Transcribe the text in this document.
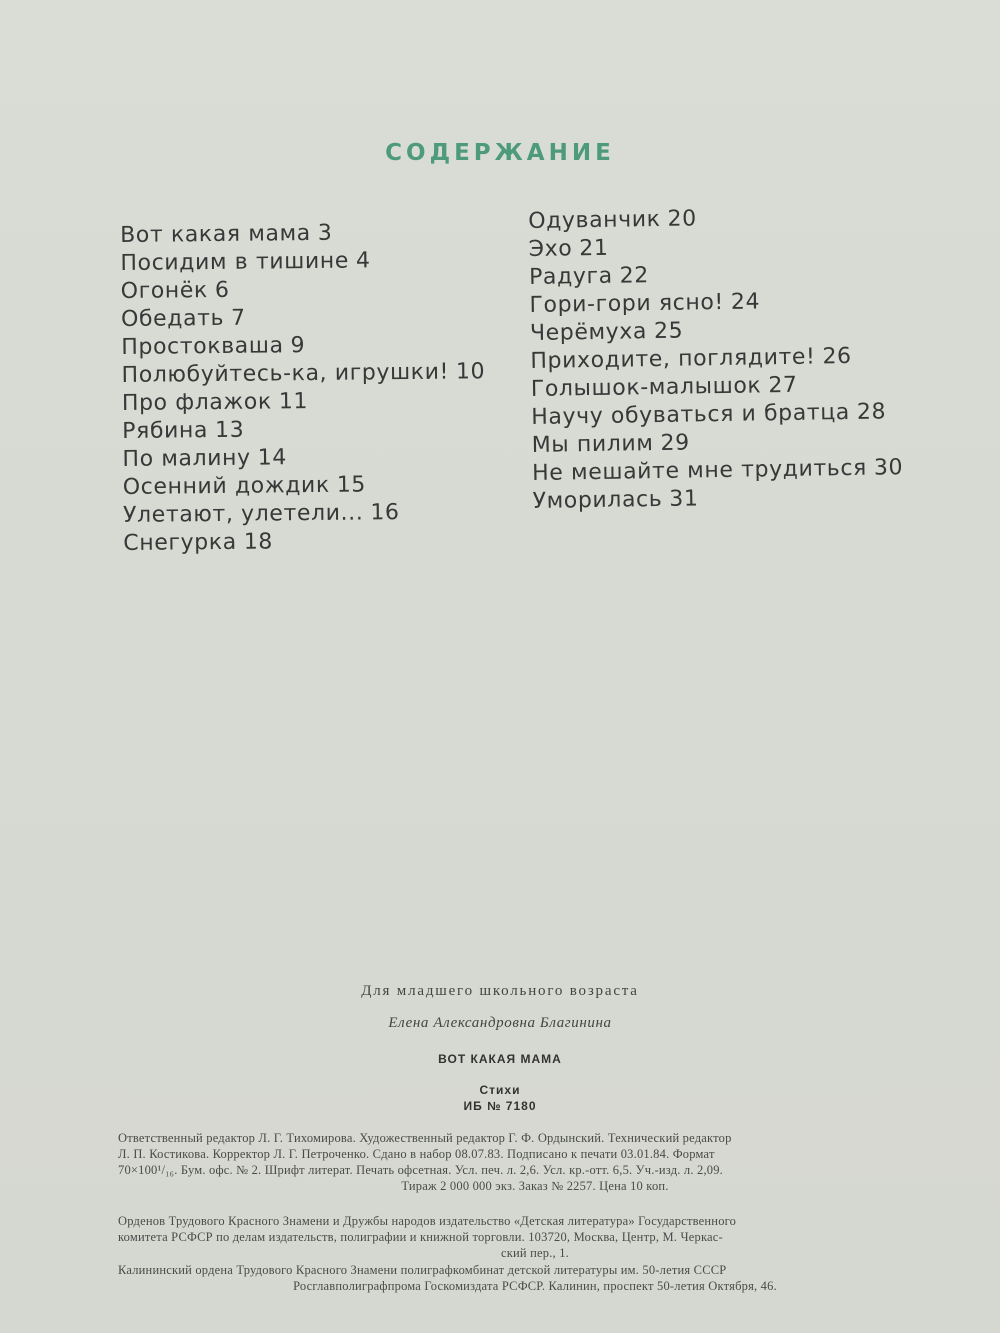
СОДЕРЖАНИЕ
Вот какая мама 3
Посидим в тишине 4
Огонёк 6
Обедать 7
Простокваша 9
Полюбуйтесь-ка, игрушки! 10
Про флажок 11
Рябина 13
По малину 14
Осенний дождик 15
Улетают, улетели... 16
Снегурка 18
Одуванчик 20
Эхо 21
Радуга 22
Гори-гори ясно! 24
Черёмуха 25
Приходите, поглядите! 26
Голышок-малышок 27
Научу обуваться и братца 28
Мы пилим 29
Не мешайте мне трудиться 30
Уморилась 31
Для младшего школьного возраста
Елена Александровна Благинина
ВОТ КАКАЯ МАМА
Стихи
ИБ № 7180

Ответственный редактор Л. Г. Тихомирова. Художественный редактор Г. Ф. Ордынский. Технический редактор

Л. П. Костикова. Корректор Л. Г. Петроченко. Сдано в набор 08.07.83. Подписано к печати 03.01.84. Формат

70×100¹/₁₆. Бум. офс. № 2. Шрифт литерат. Печать офсетная. Усл. печ. л. 2,6. Усл. кр.-отт. 6,5. Уч.-изд. л. 2,09.

Тираж 2 000 000 экз. Заказ № 2257. Цена 10 коп.

Орденов Трудового Красного Знамени и Дружбы народов издательство «Детская литература» Государственного

комитета РСФСР по делам издательств, полиграфии и книжной торговли. 103720, Москва, Центр, М. Черкас-

ский пер., 1.

Калининский ордена Трудового Красного Знамени полиграфкомбинат детской литературы им. 50-летия СССР

Росглавполиграфпрома Госкомиздата РСФСР. Калинин, проспект 50-летия Октября, 46.
